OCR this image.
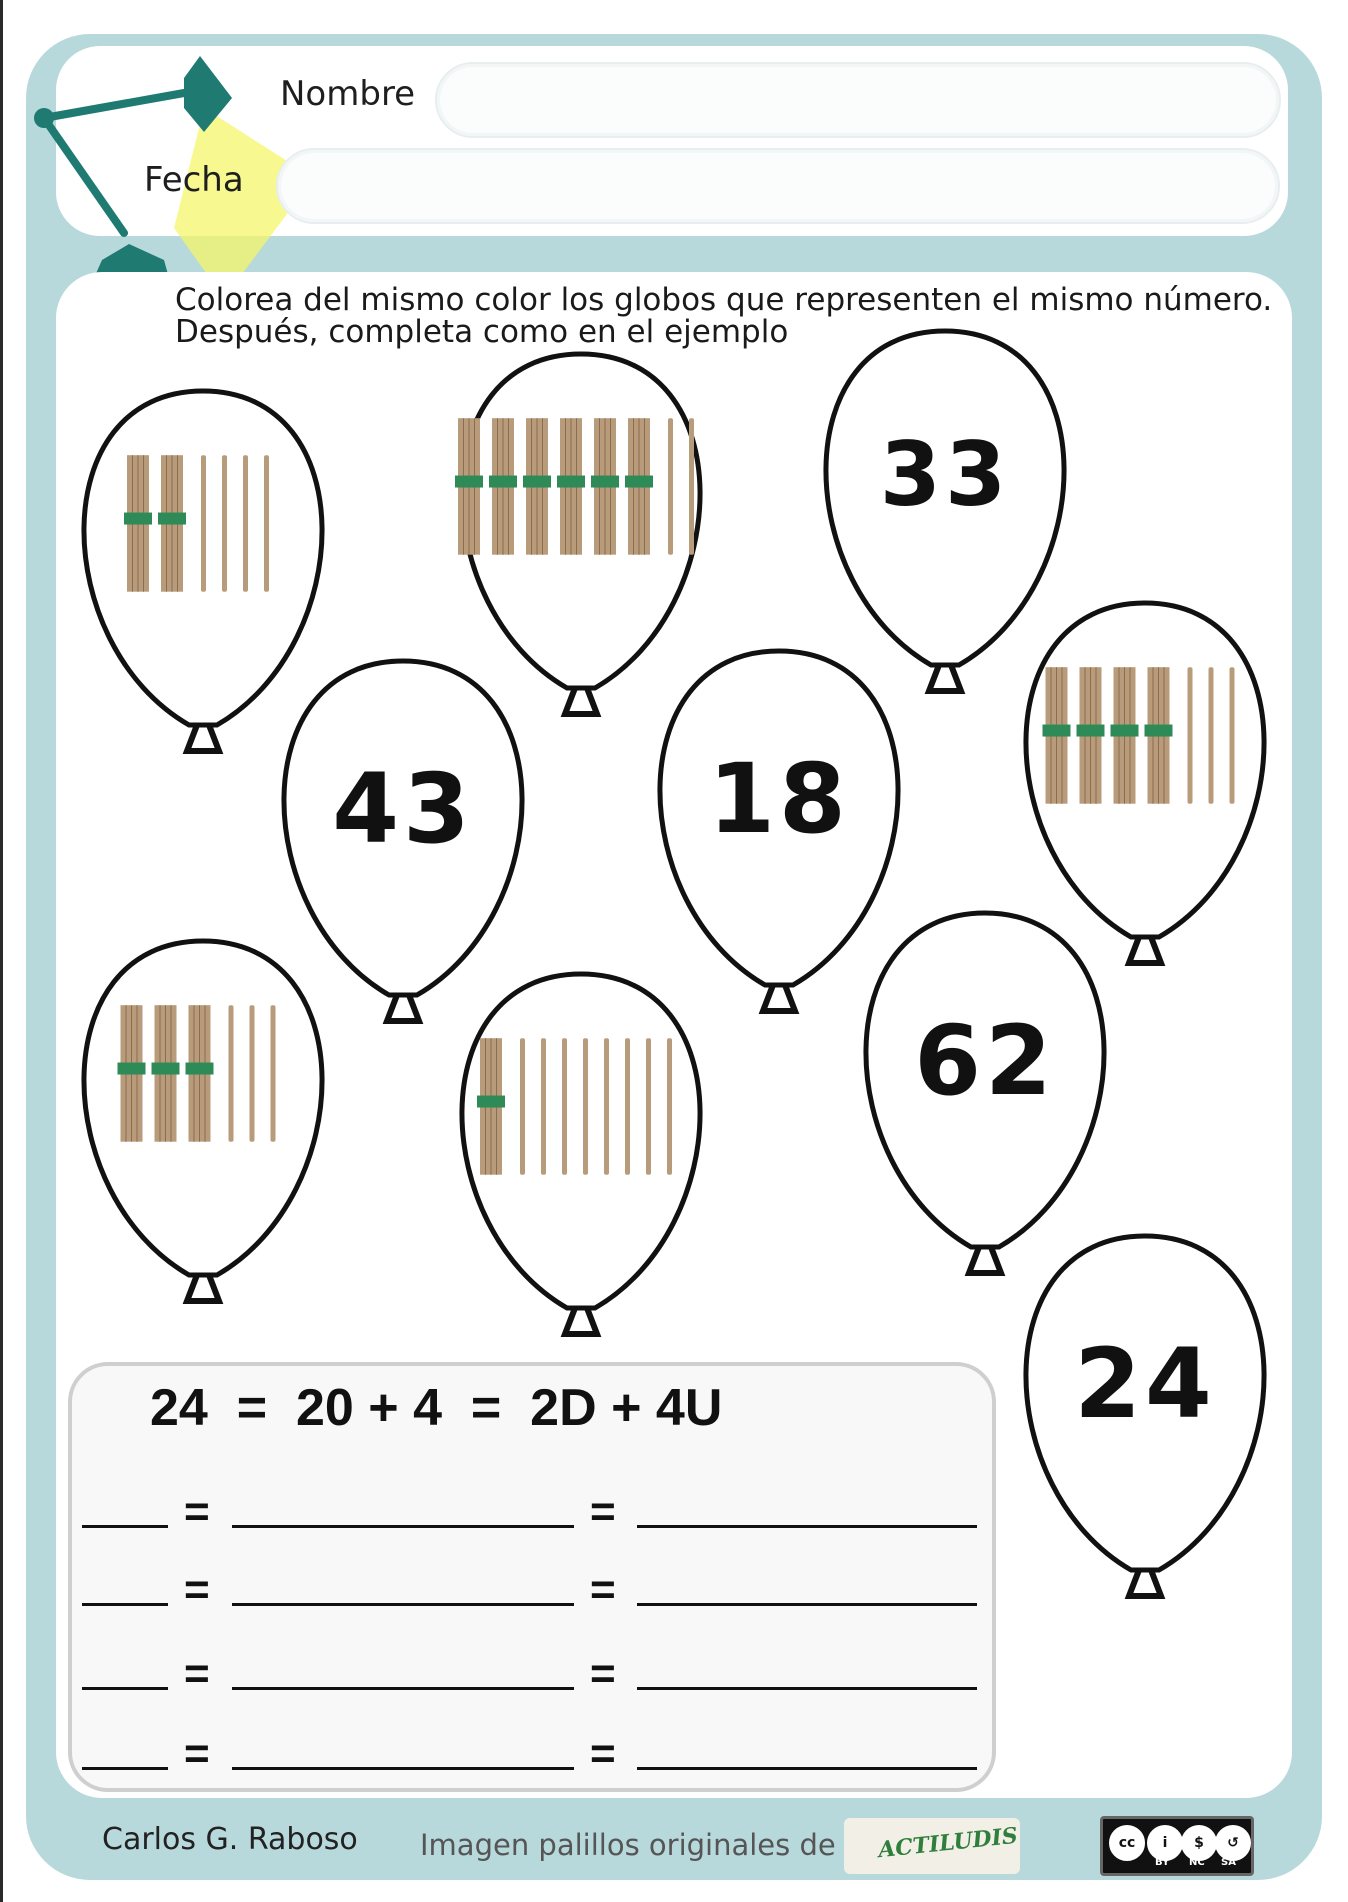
Nombre
Fecha
Colorea del mismo color los globos que representen el mismo número.
Después, completa como en el ejemplo
33
43	18
62
24
24  =  20 + 4  =  2D + 4U
=	=
=	=
=	=
=	=
Carlos G. Raboso Imagen palillos originales de ACTILUDIS	cc	i	$	↺
BY NC SA
